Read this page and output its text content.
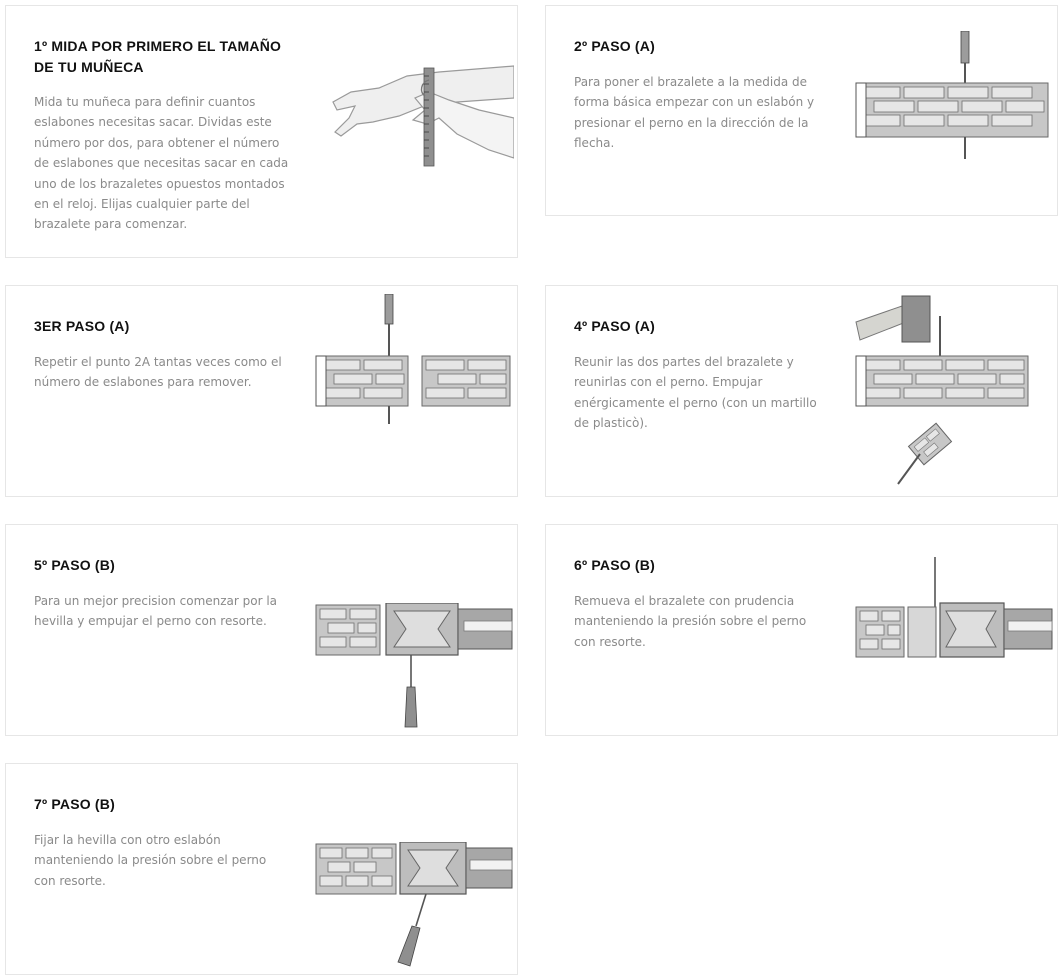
1º MIDA POR PRIMERO EL TAMAÑO DE TU MUÑECA

Mida tu muñeca para definir cuantos eslabones necesitas sacar. Dividas este número por dos, para obtener el número de eslabones que necesitas sacar en cada uno de los brazaletes opuestos montados en el reloj. Elijas cualquier parte del brazalete para comenzar.

2º PASO (A)

Para poner el brazalete a la medida de forma básica empezar con un eslabón y presionar el perno en la dirección de la flecha.

3ER PASO (A)

Repetir el punto 2A tantas veces como el número de eslabones para remover.

4º PASO (A)

Reunir las dos partes del brazalete y reunirlas con el perno. Empujar enérgicamente el perno (con un martillo de plasticò).

5º PASO (B)

Para un mejor precision comenzar por la hevilla y empujar el perno con resorte.

6º PASO (B)

Remueva el brazalete con prudencia manteniendo la presión sobre el perno con resorte.

7º PASO (B)

Fijar la hevilla con otro eslabón manteniendo la presión sobre el perno con resorte.
